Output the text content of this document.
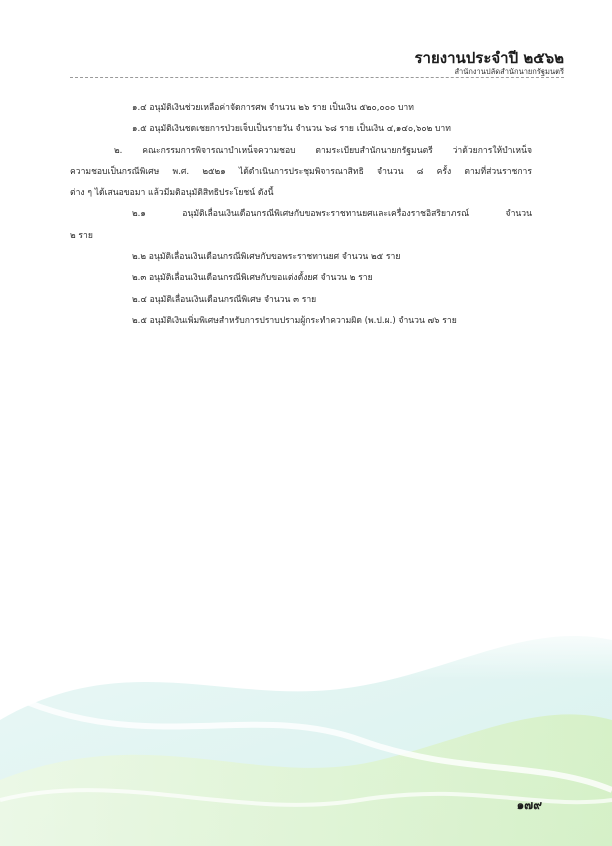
รายงานประจำปี ๒๕๖๒
สำนักงานปลัดสำนักนายกรัฐมนตรี
๑.๔ อนุมัติเงินช่วยเหลือค่าจัดการศพ จำนวน ๒๖ ราย เป็นเงิน ๕๒๐,๐๐๐ บาท
๑.๕ อนุมัติเงินชดเชยการป่วยเจ็บเป็นรายวัน จำนวน ๖๘ ราย เป็นเงิน ๔,๑๔๐,๖๐๒ บาท
๒. คณะกรรมการพิจารณาบำเหน็จความชอบ ตามระเบียบสำนักนายกรัฐมนตรี ว่าด้วยการให้บำเหน็จ
ความชอบเป็นกรณีพิเศษ พ.ศ. ๒๕๒๑ ได้ดำเนินการประชุมพิจารณาสิทธิ จำนวน ๘ ครั้ง ตามที่ส่วนราชการ
ต่าง ๆ ได้เสนอขอมา แล้วมีมติอนุมัติสิทธิประโยชน์ ดังนี้
๒.๑ อนุมัติเลื่อนเงินเดือนกรณีพิเศษกับขอพระราชทานยศและเครื่องราชอิสริยาภรณ์ จำนวน
๒ ราย
๒.๒ อนุมัติเลื่อนเงินเดือนกรณีพิเศษกับขอพระราชทานยศ จำนวน ๒๕ ราย
๒.๓ อนุมัติเลื่อนเงินเดือนกรณีพิเศษกับขอแต่งตั้งยศ จำนวน ๒ ราย
๒.๔ อนุมัติเลื่อนเงินเดือนกรณีพิเศษ จำนวน ๓ ราย
๒.๕ อนุมัติเงินเพิ่มพิเศษสำหรับการปราบปรามผู้กระทำความผิด (พ.ป.ผ.) จำนวน ๗๖ ราย
๑๗๙
